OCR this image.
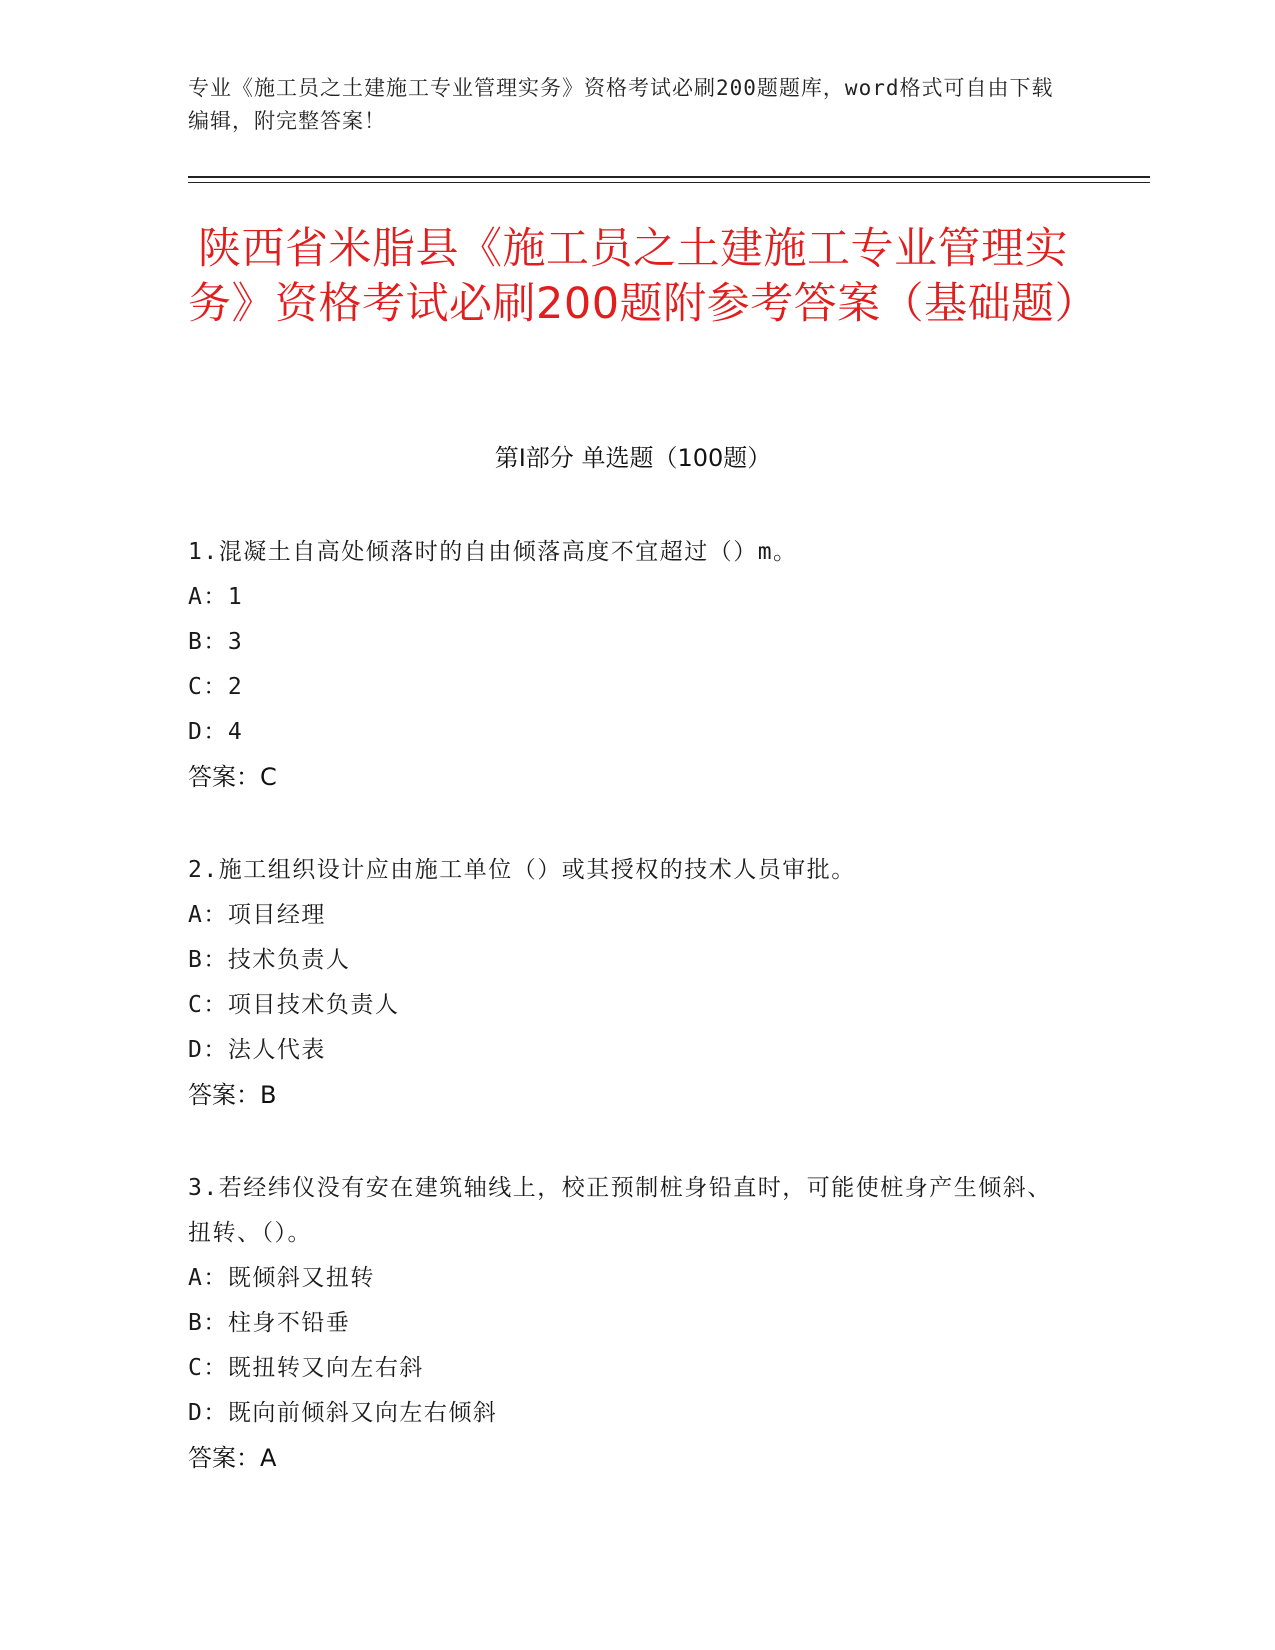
专业《施工员之土建施工专业管理实务》资格考试必刷200题题库，word格式可自由下载编辑，附完整答案！
陕西省米脂县《施工员之土建施工专业管理实务》资格考试必刷200题附参考答案（基础题）
第Ⅰ部分 单选题（100题）
1.混凝土自高处倾落时的自由倾落高度不宜超过（）m。
A：1
B：3
C：2
D：4
答案：C
2.施工组织设计应由施工单位（）或其授权的技术人员审批。
A：项目经理
B：技术负责人
C：项目技术负责人
D：法人代表
答案：B
3.若经纬仪没有安在建筑轴线上，校正预制桩身铅直时，可能使桩身产生倾斜、扭转、（）。
A：既倾斜又扭转
B：柱身不铅垂
C：既扭转又向左右斜
D：既向前倾斜又向左右倾斜
答案：A
